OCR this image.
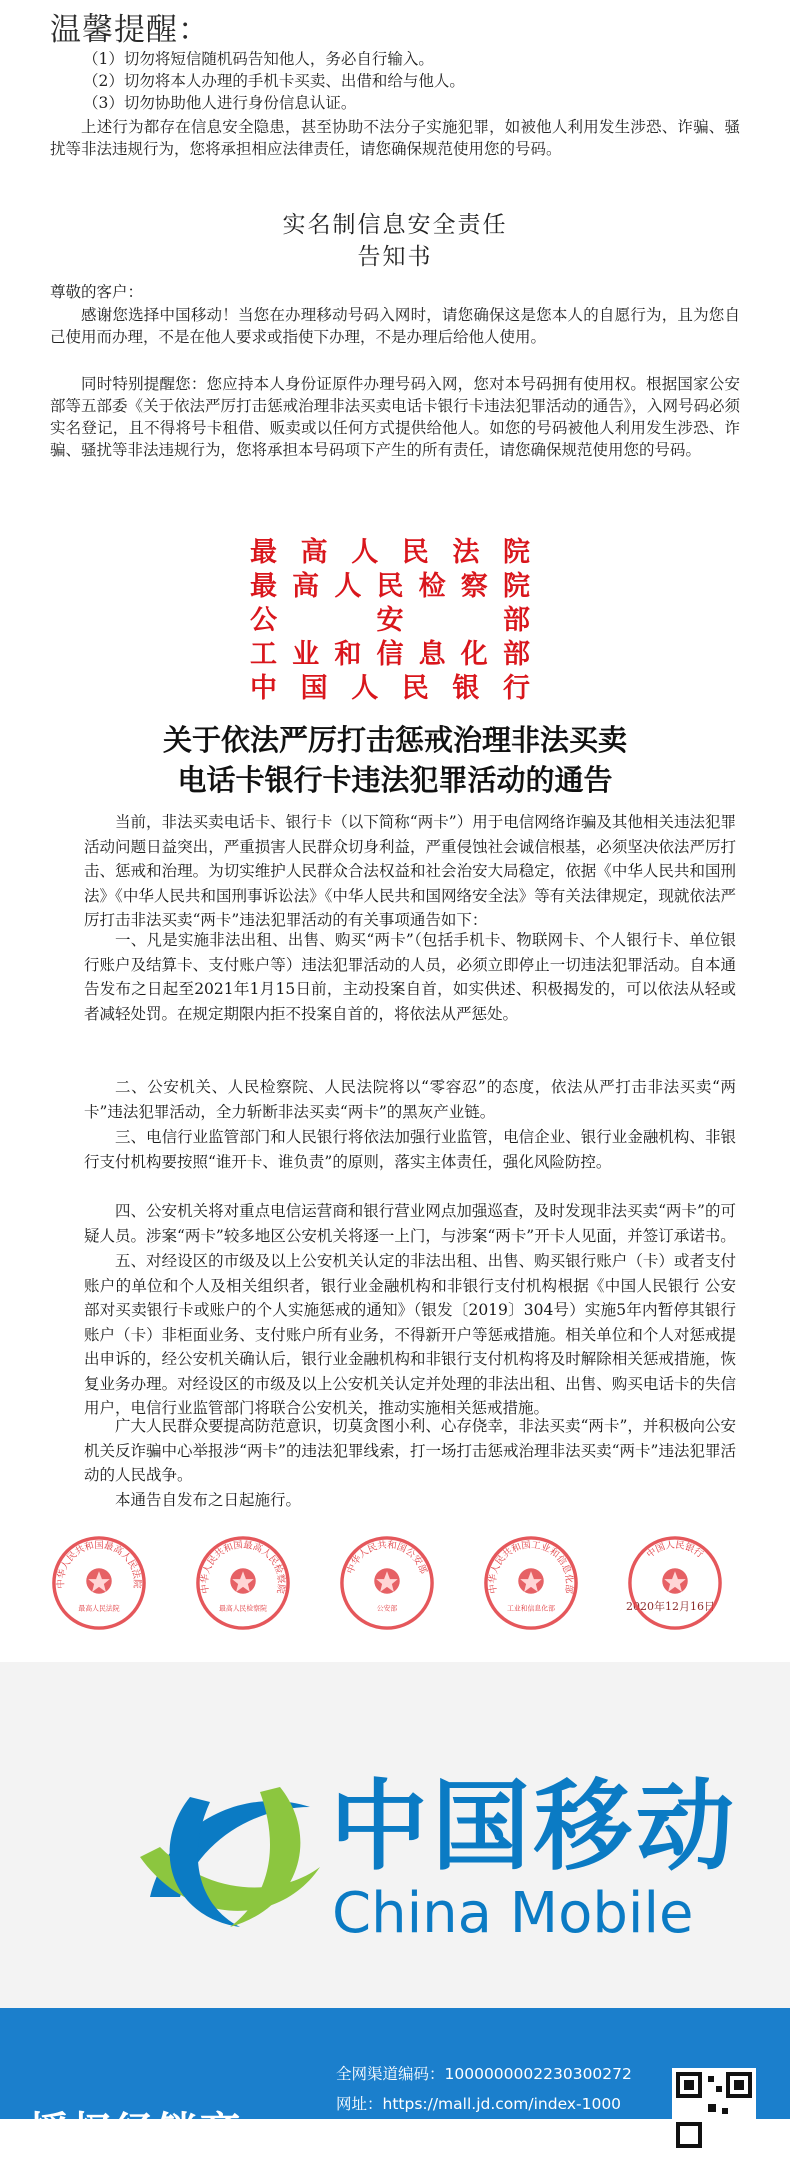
温馨提醒：
（1）切勿将短信随机码告知他人，务必自行输入。
（2）切勿将本人办理的手机卡买卖、出借和给与他人。
（3）切勿协助他人进行身份信息认证。
上述行为都存在信息安全隐患，甚至协助不法分子实施犯罪，如被他人利用发生涉恐、诈骗、骚扰等非法违规行为，您将承担相应法律责任，请您确保规范使用您的号码。
实名制信息安全责任
告知书
尊敬的客户：
感谢您选择中国移动！当您在办理移动号码入网时，请您确保这是您本人的自愿行为，且为您自己使用而办理，不是在他人要求或指使下办理，不是办理后给他人使用。
同时特别提醒您：您应持本人身份证原件办理号码入网，您对本号码拥有使用权。根据国家公安部等五部委《关于依法严厉打击惩戒治理非法买卖电话卡银行卡违法犯罪活动的通告》，入网号码必须实名登记，且不得将号卡租借、贩卖或以任何方式提供给他人。如您的号码被他人利用发生涉恐、诈骗、骚扰等非法违规行为，您将承担本号码项下产生的所有责任，请您确保规范使用您的号码。
最 高 人 民 法 院
最 高 人 民 检 察 院
公	安	部
工 业 和 信 息 化 部
中 国 人 民 银 行
关于依法严厉打击惩戒治理非法买卖
电话卡银行卡违法犯罪活动的通告
当前，非法买卖电话卡、银行卡（以下简称“两卡”）用于电信网络诈骗及其他相关违法犯罪活动问题日益突出，严重损害人民群众切身利益，严重侵蚀社会诚信根基，必须坚决依法严厉打击、惩戒和治理。为切实维护人民群众合法权益和社会治安大局稳定，依据《中华人民共和国刑法》《中华人民共和国刑事诉讼法》《中华人民共和国网络安全法》等有关法律规定，现就依法严厉打击非法买卖“两卡”违法犯罪活动的有关事项通告如下：
一、凡是实施非法出租、出售、购买“两卡”（包括手机卡、物联网卡、个人银行卡、单位银行账户及结算卡、支付账户等）违法犯罪活动的人员，必须立即停止一切违法犯罪活动。自本通告发布之日起至2021年1月15日前，主动投案自首，如实供述、积极揭发的，可以依法从轻或者减轻处罚。在规定期限内拒不投案自首的，将依法从严惩处。
二、公安机关、人民检察院、人民法院将以“零容忍”的态度，依法从严打击非法买卖“两卡”违法犯罪活动，全力斩断非法买卖“两卡”的黑灰产业链。
三、电信行业监管部门和人民银行将依法加强行业监管，电信企业、银行业金融机构、非银行支付机构要按照“谁开卡、谁负责”的原则，落实主体责任，强化风险防控。
四、公安机关将对重点电信运营商和银行营业网点加强巡查，及时发现非法买卖“两卡”的可疑人员。涉案“两卡”较多地区公安机关将逐一上门，与涉案“两卡”开卡人见面，并签订承诺书。
五、对经设区的市级及以上公安机关认定的非法出租、出售、购买银行账户（卡）或者支付账户的单位和个人及相关组织者，银行业金融机构和非银行支付机构根据《中国人民银行 公安部对买卖银行卡或账户的个人实施惩戒的通知》（银发〔2019〕304号）实施5年内暂停其银行账户（卡）非柜面业务、支付账户所有业务，不得新开户等惩戒措施。相关单位和个人对惩戒提出申诉的，经公安机关确认后，银行业金融机构和非银行支付机构将及时解除相关惩戒措施，恢复业务办理。对经设区的市级及以上公安机关认定并处理的非法出租、出售、购买电话卡的失信用户，电信行业监管部门将联合公安机关，推动实施相关惩戒措施。
广大人民群众要提高防范意识，切莫贪图小利、心存侥幸，非法买卖“两卡”，并积极向公安机关反诈骗中心举报涉“两卡”的违法犯罪线索，打一场打击惩戒治理非法买卖“两卡”违法犯罪活动的人民战争。
本通告自发布之日起施行。
2020年12月16日
中华人民共和国最高人民法院
最高人民法院
中华人民共和国最高人民检察院
最高人民检察院
中华人民共和国公安部
公安部
中华人民共和国工业和信息化部
工业和信息化部
中国人民银行
中国移动
China Mobile
全网渠道编码：1000000002230300272
网址：https://mall.jd.com/index-1000
授权经销商
